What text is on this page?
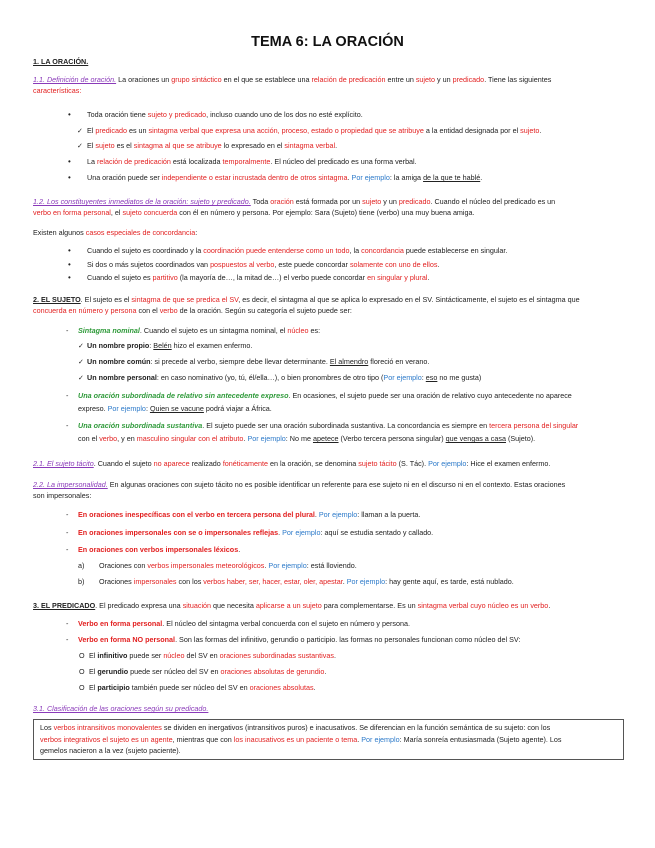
TEMA 6: LA ORACIÓN
1. LA ORACIÓN.
1.1. Definición de oración. La oraciones un grupo sintáctico en el que se establece una relación de predicación entre un sujeto y un predicado. Tiene las siguientes
características:
• Toda oración tiene sujeto y predicado, incluso cuando uno de los dos no esté explícito.
✓ El predicado es un sintagma verbal que expresa una acción, proceso, estado o propiedad que se atribuye a la entidad designada por el sujeto.
✓ El sujeto es el sintagma al que se atribuye lo expresado en el sintagma verbal.
• La relación de predicación está localizada temporalmente. El núcleo del predicado es una forma verbal.
• Una oración puede ser independiente o estar incrustada dentro de otros sintagma. Por ejemplo: la amiga de la que te hablé.
1.2. Los constituyentes inmediatos de la oración: sujeto y predicado. Toda oración está formada por un sujeto y un predicado. Cuando el núcleo del predicado es un
verbo en forma personal, el sujeto concuerda con él en número y persona. Por ejemplo: Sara (Sujeto) tiene (verbo) una muy buena amiga.
Existen algunos casos especiales de concordancia:
• Cuando el sujeto es coordinado y la coordinación puede entenderse como un todo, la concordancia puede establecerse en singular.
• Si dos o más sujetos coordinados van pospuestos al verbo, este puede concordar solamente con uno de ellos.
• Cuando el sujeto es partitivo (la mayoría de…, la mitad de…) el verbo puede concordar en singular y plural.
2. EL SUJETO. El sujeto es el sintagma de que se predica el SV, es decir, el sintagma al que se aplica lo expresado en el SV. Sintácticamente, el sujeto es el sintagma que
concuerda en número y persona con el verbo de la oración. Según su categoría el sujeto puede ser:
- Sintagma nominal. Cuando el sujeto es un sintagma nominal, el núcleo es:
✓ Un nombre propio: Belén hizo el examen enfermo.
✓ Un nombre común: si precede al verbo, siempre debe llevar determinante. El almendro floreció en verano.
✓ Un nombre personal: en caso nominativo (yo, tú, él/ella…), o bien pronombres de otro tipo (Por ejemplo: eso no me gusta)
- Una oración subordinada de relativo sin antecedente expreso. En ocasiones, el sujeto puede ser una oración de relativo cuyo antecedente no aparece
expreso. Por ejemplo: Quien se vacune podrá viajar a África.
- Una oración subordinada sustantiva. El sujeto puede ser una oración subordinada sustantiva. La concordancia es siempre en tercera persona del singular
con el verbo, y en masculino singular con el atributo. Por ejemplo: No me apetece (Verbo tercera persona singular) que vengas a casa (Sujeto).
2.1. El sujeto tácito. Cuando el sujeto no aparece realizado fonéticamente en la oración, se denomina sujeto tácito (S. Tác). Por ejemplo: Hice el examen enfermo.
2.2. La impersonalidad. En algunas oraciones con sujeto tácito no es posible identificar un referente para ese sujeto ni en el discurso ni en el contexto. Estas oraciones
son impersonales:
- En oraciones inespecíficas con el verbo en tercera persona del plural. Por ejemplo: llaman a la puerta.
- En oraciones impersonales con se o impersonales reflejas. Por ejemplo: aquí se estudia sentado y callado.
- En oraciones con verbos impersonales léxicos.
a) Oraciones con verbos impersonales meteorológicos. Por ejemplo: está lloviendo.
b) Oraciones impersonales con los verbos haber, ser, hacer, estar, oler, apestar. Por ejemplo: hay gente aquí, es tarde, está nublado.
3. EL PREDICADO. El predicado expresa una situación que necesita aplicarse a un sujeto para complementarse. Es un sintagma verbal cuyo núcleo es un verbo.
- Verbo en forma personal. El núcleo del sintagma verbal concuerda con el sujeto en número y persona.
- Verbo en forma NO personal. Son las formas del infinitivo, gerundio o participio. las formas no personales funcionan como núcleo del SV:
O El infinitivo puede ser núcleo del SV en oraciones subordinadas sustantivas.
O El gerundio puede ser núcleo del SV en oraciones absolutas de gerundio.
O El participio también puede ser núcleo del SV en oraciones absolutas.
3.1. Clasificación de las oraciones según su predicado.
Los verbos intransitivos monovalentes se dividen en inergativos (intransitivos puros) e inacusativos. Se diferencian en la función semántica de su sujeto: con los
verbos integrativos el sujeto es un agente, mientras que con los inacusativos es un paciente o tema. Por ejemplo: María sonreía entusiasmada (Sujeto agente). Los
gemelos nacieron a la vez (sujeto paciente).
